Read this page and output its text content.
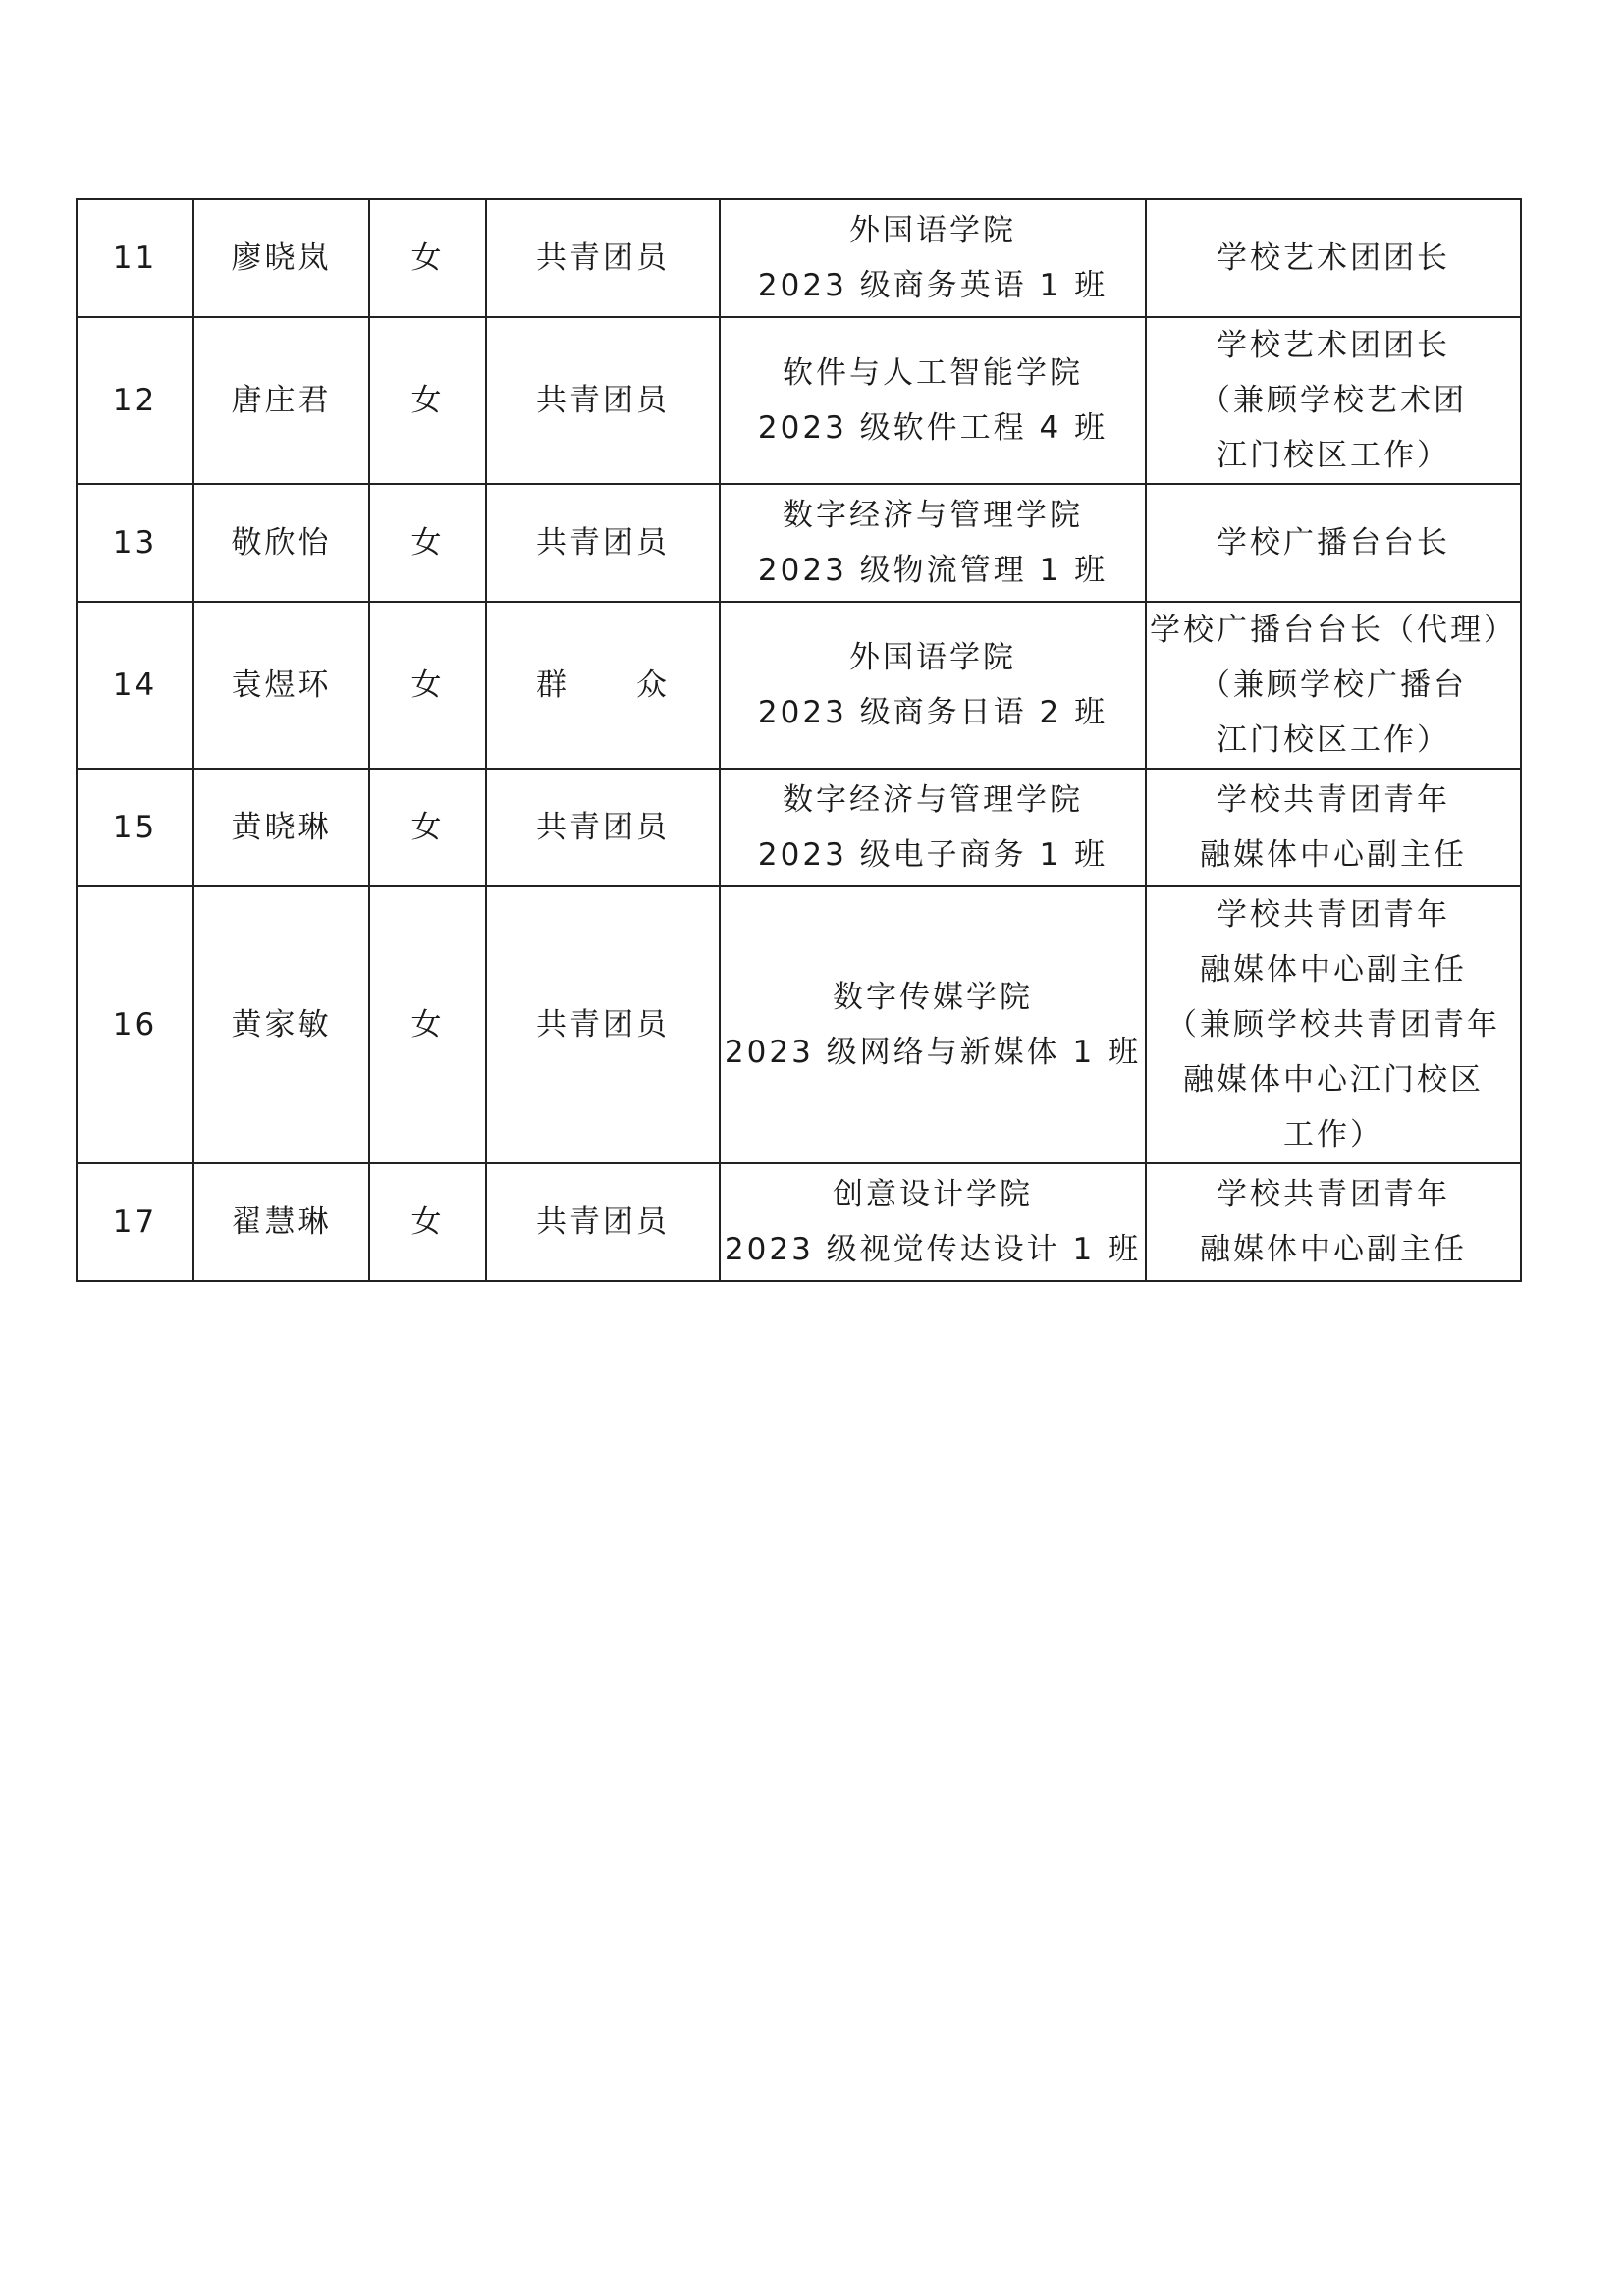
11	廖晓岚	女	共青团员	外国语学院
2023 级商务英语 1 班	学校艺术团团长

12	唐庄君	女	共青团员	软件与人工智能学院
2023 级软件工程 4 班	学校艺术团团长
（兼顾学校艺术团
江门校区工作）

13	敬欣怡	女	共青团员	数字经济与管理学院
2023 级物流管理 1 班	学校广播台台长

14	袁煜环	女	群　　众	外国语学院
2023 级商务日语 2 班	学校广播台台长（代理）
（兼顾学校广播台
江门校区工作）

15	黄晓琳	女	共青团员	数字经济与管理学院
2023 级电子商务 1 班	学校共青团青年
融媒体中心副主任

16	黄家敏	女	共青团员	数字传媒学院
2023 级网络与新媒体 1 班	学校共青团青年
融媒体中心副主任
（兼顾学校共青团青年
融媒体中心江门校区
工作）

17	翟慧琳	女	共青团员	创意设计学院
2023 级视觉传达设计 1 班	学校共青团青年
融媒体中心副主任
